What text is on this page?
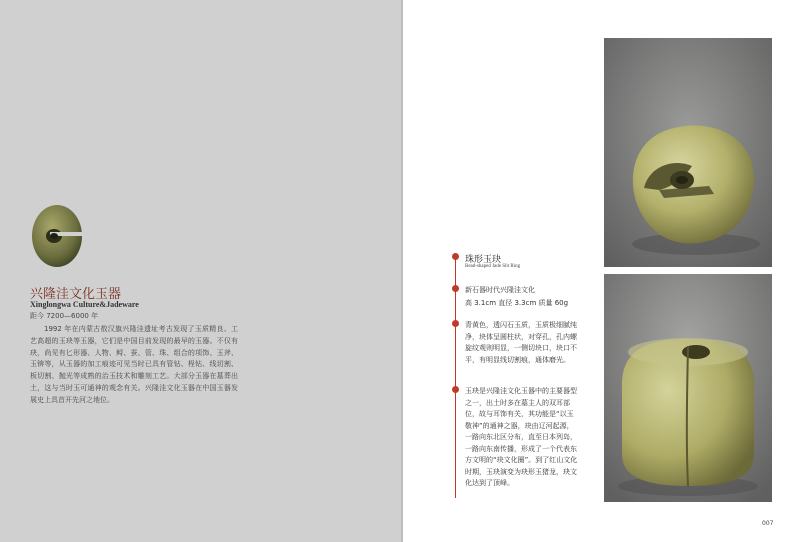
兴隆洼文化玉器
Xinglongwa Culture&Jadeware
距今 7200—6000 年

1992 年在内蒙古敖汉旗兴隆洼遗址考古发现了玉质精良、工艺高超的玉玦等玉器，它们是中国目前发现的最早的玉器。不仅有玦，尚见有匕形器、人物、鲟、蚕、管、珠、组合的项饰、玉斧、玉锛等，从玉器的加工痕迹可见当时已具有管钻、桯钻、线切割、板切割、抛光等成熟的治玉技术和雕刻工艺。大部分玉器在墓葬出土，这与当时玉可通神的观念有关。兴隆洼文化玉器在中国玉器发展史上具首开先河之地位。

珠形玉玦
Bead-shaped Jade Slit Ring
新石器时代兴隆洼文化
高 3.1cm 直径 3.3cm 质量 60g

青黄色，透闪石玉质，玉质极细腻纯净，块体呈圆柱状，对穿孔，孔内螺旋纹观则明显，一侧切块口，块口不平，有明显线切割痕，通体磨光。

玉玦是兴隆洼文化玉器中的主要器型之一，出土时多在墓主人的双耳部位，故与耳饰有关，其功能是“以玉敬神”的通神之器，玦由辽河起源，一路向东北区分布，直至日本列岛，一路向东南传播，形成了一个代表东方文明的“玦文化圈”。到了红山文化时期，玉玦演变为玦形玉猪龙，玦文化达到了顶峰。

007
